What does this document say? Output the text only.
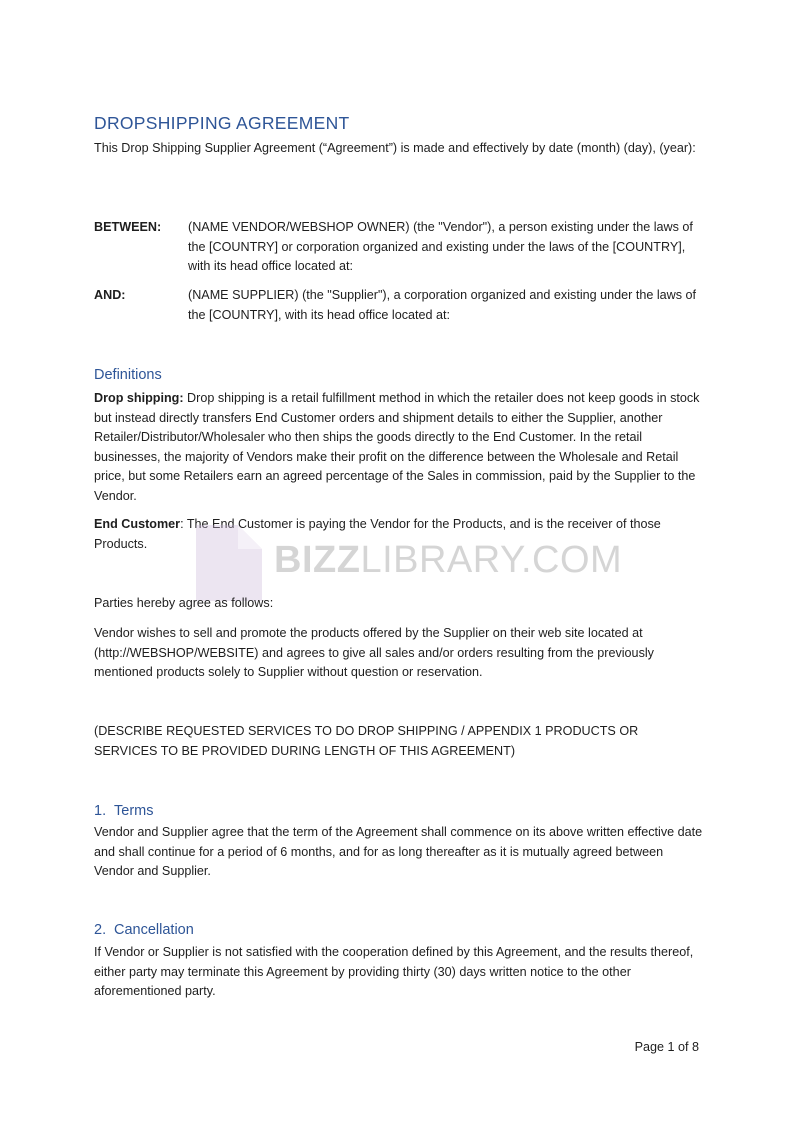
DROPSHIPPING AGREEMENT
This Drop Shipping Supplier Agreement (“Agreement”) is made and effectively by date (month) (day), (year):
BETWEEN:	(NAME VENDOR/WEBSHOP OWNER) (the "Vendor"), a person existing under the laws of the [COUNTRY] or corporation organized and existing under the laws of the [COUNTRY], with its head office located at:
AND:	(NAME SUPPLIER) (the "Supplier"), a corporation organized and existing under the laws of the [COUNTRY], with its head office located at:
Definitions
Drop shipping: Drop shipping is a retail fulfillment method in which the retailer does not keep goods in stock but instead directly transfers End Customer orders and shipment details to either the Supplier, another Retailer/Distributor/Wholesaler who then ships the goods directly to the End Customer. In the retail businesses, the majority of Vendors make their profit on the difference between the Wholesale and Retail price, but some Retailers earn an agreed percentage of the Sales in commission, paid by the Supplier to the Vendor.
End Customer: The End Customer is paying the Vendor for the Products, and is the receiver of those Products.	BIZZLIBRARY.COM
Parties hereby agree as follows:
Vendor wishes to sell and promote the products offered by the Supplier on their web site located at (http://WEBSHOP/WEBSITE) and agrees to give all sales and/or orders resulting from the previously mentioned products solely to Supplier without question or reservation.
(DESCRIBE REQUESTED SERVICES TO DO DROP SHIPPING / APPENDIX 1 PRODUCTS OR SERVICES TO BE PROVIDED DURING LENGTH OF THIS AGREEMENT)
1. Terms
Vendor and Supplier agree that the term of the Agreement shall commence on its above written effective date and shall continue for a period of 6 months, and for as long thereafter as it is mutually agreed between Vendor and Supplier.
2. Cancellation
If Vendor or Supplier is not satisfied with the cooperation defined by this Agreement, and the results thereof, either party may terminate this Agreement by providing thirty (30) days written notice to the other aforementioned party.
Page 1 of 8
